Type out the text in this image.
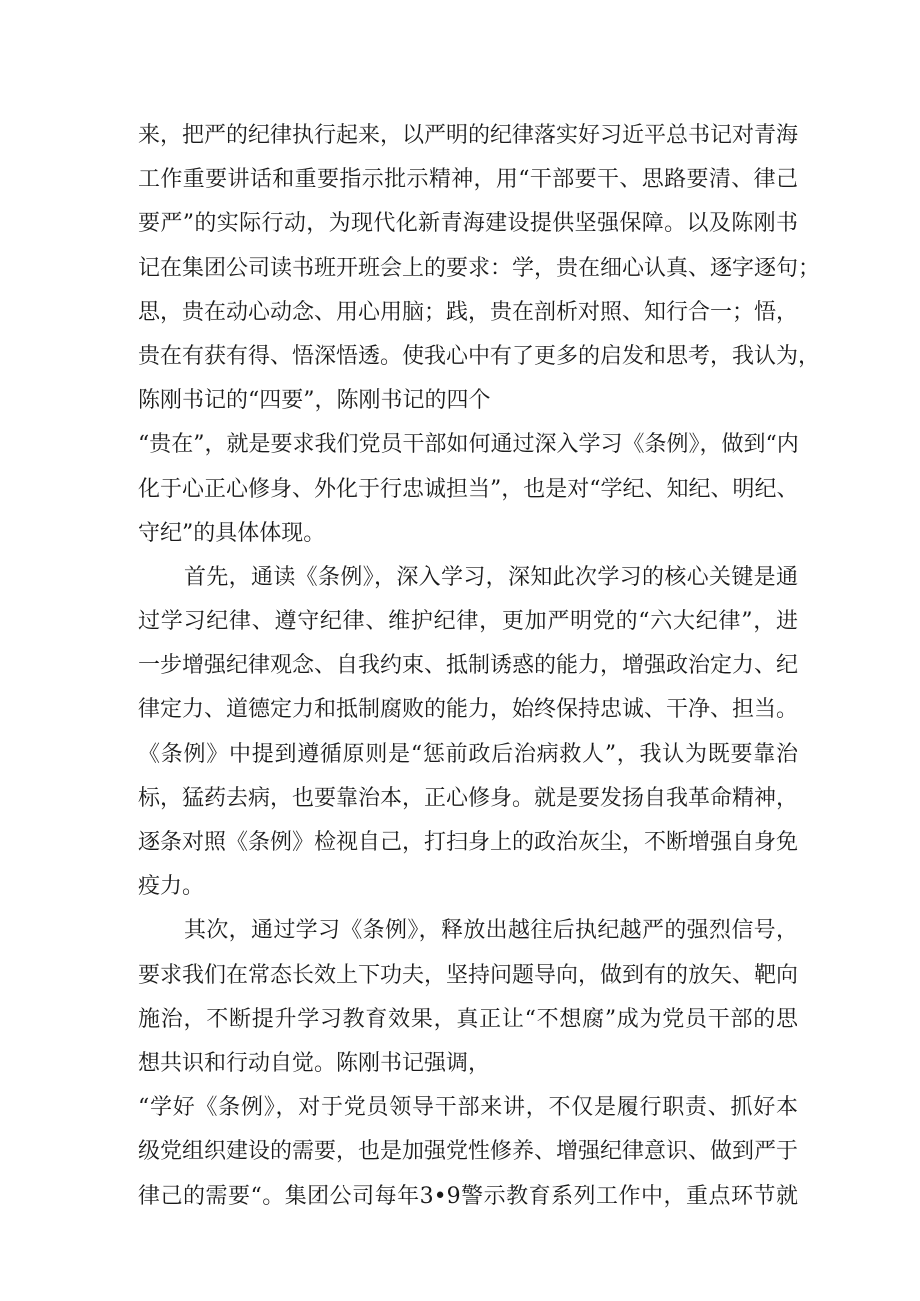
来，把严的纪律执行起来，以严明的纪律落实好习近平总书记对青海
工作重要讲话和重要指示批示精神，用“干部要干、思路要清、律己
要严”的实际行动，为现代化新青海建设提供坚强保障。以及陈刚书
记在集团公司读书班开班会上的要求：学，贵在细心认真、逐字逐句；
思，贵在动心动念、用心用脑；践，贵在剖析对照、知行合一；悟，
贵在有获有得、悟深悟透。使我心中有了更多的启发和思考，我认为，
陈刚书记的“四要”，陈刚书记的四个
“贵在”，就是要求我们党员干部如何通过深入学习《条例》，做到“内
化于心正心修身、外化于行忠诚担当”，也是对“学纪、知纪、明纪、
守纪”的具体体现。
首先，通读《条例》，深入学习，深知此次学习的核心关键是通
过学习纪律、遵守纪律、维护纪律，更加严明党的“六大纪律”，进
一步增强纪律观念、自我约束、抵制诱惑的能力，增强政治定力、纪
律定力、道德定力和抵制腐败的能力，始终保持忠诚、干净、担当。
《条例》中提到遵循原则是“惩前政后治病救人”，我认为既要靠治
标，猛药去病，也要靠治本，正心修身。就是要发扬自我革命精神，
逐条对照《条例》检视自己，打扫身上的政治灰尘，不断增强自身免
疫力。
其次，通过学习《条例》，释放出越往后执纪越严的强烈信号，
要求我们在常态长效上下功夫，坚持问题导向，做到有的放矢、靶向
施治，不断提升学习教育效果，真正让“不想腐”成为党员干部的思
想共识和行动自觉。陈刚书记强调，
“学好《条例》，对于党员领导干部来讲，不仅是履行职责、抓好本
级党组织建设的需要，也是加强党性修养、增强纪律意识、做到严于
律己的需要“。集团公司每年3•9警示教育系列工作中，重点环节就
